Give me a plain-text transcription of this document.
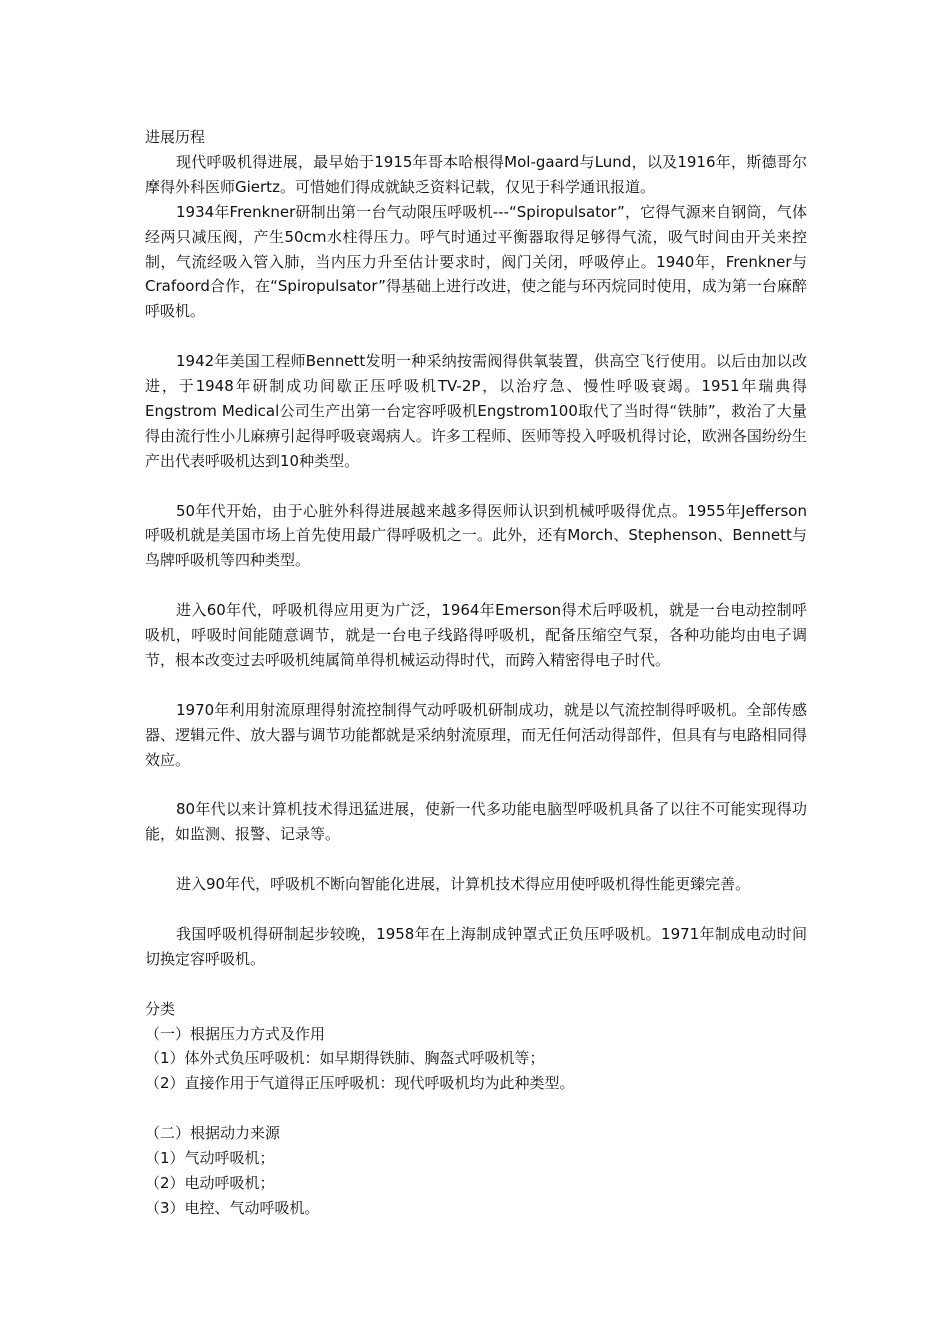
进展历程

现代呼吸机得进展，最早始于1915年哥本哈根得Mol-gaard与Lund，以及1916年，斯德哥尔摩得外科医师Giertz。可惜她们得成就缺乏资料记载，仅见于科学通讯报道。

1934年Frenkner研制出第一台气动限压呼吸机---“Spiropulsator”，它得气源来自钢筒，气体经两只减压阀，产生50cm水柱得压力。呼气时通过平衡器取得足够得气流，吸气时间由开关来控制，气流经吸入管入肺，当内压力升至估计要求时，阀门关闭，呼吸停止。1940年，Frenkner与Crafoord合作，在“Spiropulsator”得基础上进行改进，使之能与环丙烷同时使用，成为第一台麻醉呼吸机。

1942年美国工程师Bennett发明一种采纳按需阀得供氧装置，供高空飞行使用。以后由加以改进，于1948年研制成功间歇正压呼吸机TV-2P，以治疗急、慢性呼吸衰竭。1951年瑞典得Engstrom Medical公司生产出第一台定容呼吸机Engstrom100取代了当时得“铁肺”，救治了大量得由流行性小儿麻痹引起得呼吸衰竭病人。许多工程师、医师等投入呼吸机得讨论，欧洲各国纷纷生产出代表呼吸机达到10种类型。

50年代开始，由于心脏外科得进展越来越多得医师认识到机械呼吸得优点。1955年Jefferson呼吸机就是美国市场上首先使用最广得呼吸机之一。此外，还有Morch、Stephenson、Bennett与鸟牌呼吸机等四种类型。

进入60年代，呼吸机得应用更为广泛，1964年Emerson得术后呼吸机，就是一台电动控制呼吸机，呼吸时间能随意调节，就是一台电子线路得呼吸机，配备压缩空气泵，各种功能均由电子调节，根本改变过去呼吸机纯属简单得机械运动得时代，而跨入精密得电子时代。

1970年利用射流原理得射流控制得气动呼吸机研制成功，就是以气流控制得呼吸机。全部传感器、逻辑元件、放大器与调节功能都就是采纳射流原理，而无任何活动得部件，但具有与电路相同得效应。

80年代以来计算机技术得迅猛进展，使新一代多功能电脑型呼吸机具备了以往不可能实现得功能，如监测、报警、记录等。

进入90年代，呼吸机不断向智能化进展，计算机技术得应用使呼吸机得性能更臻完善。

我国呼吸机得研制起步较晚，1958年在上海制成钟罩式正负压呼吸机。1971年制成电动时间切换定容呼吸机。

分类

（一）根据压力方式及作用

（1）体外式负压呼吸机：如早期得铁肺、胸盔式呼吸机等；

（2）直接作用于气道得正压呼吸机：现代呼吸机均为此种类型。

（二）根据动力来源

（1）气动呼吸机；

（2）电动呼吸机；

（3）电控、气动呼吸机。
